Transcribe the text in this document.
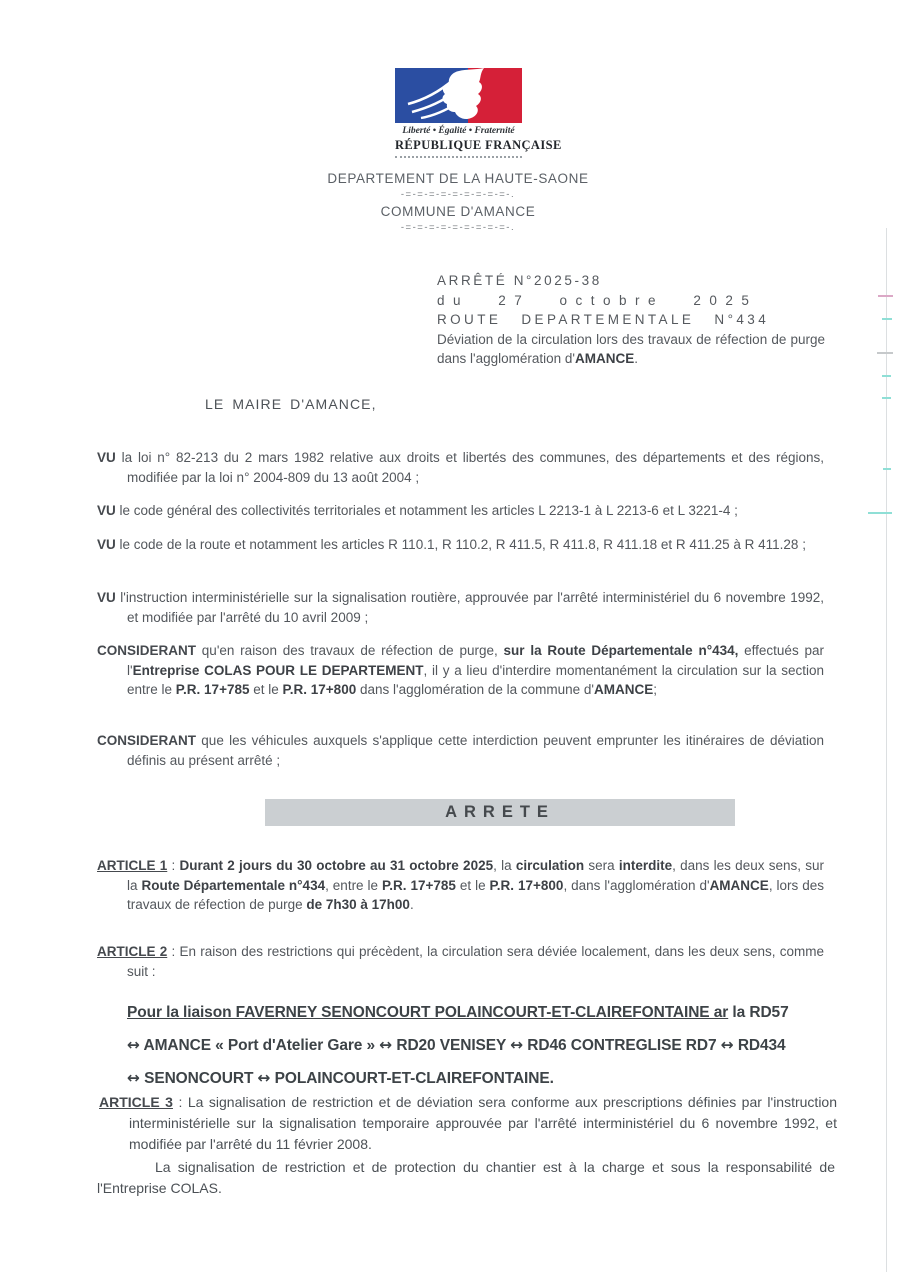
Liberté • Égalité • Fraternité
RÉPUBLIQUE FRANÇAISE
DEPARTEMENT DE LA HAUTE-SAONE
-=-=-=-=-=-=-=-=-=-.
COMMUNE D'AMANCE
-=-=-=-=-=-=-=-=-=-.
ARRÊTÉ N°2025-38
du 27 octobre 2025
ROUTE DEPARTEMENTALE N°434
Déviation de la circulation lors des travaux de réfection de purge dans l'agglomération d'AMANCE.
LE MAIRE D'AMANCE,
VU la loi n° 82-213 du 2 mars 1982 relative aux droits et libertés des communes, des départements et des régions, modifiée par la loi n° 2004-809 du 13 août 2004 ;
VU le code général des collectivités territoriales et notamment les articles L 2213-1 à L 2213-6 et L 3221-4 ;
VU le code de la route et notamment les articles R 110.1, R 110.2, R 411.5, R 411.8, R 411.18 et R 411.25 à R 411.28 ;
VU l'instruction interministérielle sur la signalisation routière, approuvée par l'arrêté interministériel du 6 novembre 1992, et modifiée par l'arrêté du 10 avril 2009 ;
CONSIDERANT qu'en raison des travaux de réfection de purge, sur la Route Départementale n°434, effectués par l'Entreprise COLAS POUR LE DEPARTEMENT, il y a lieu d'interdire momentanément la circulation sur la section entre le P.R. 17+785 et le P.R. 17+800 dans l'agglomération de la commune d'AMANCE;
CONSIDERANT que les véhicules auxquels s'applique cette interdiction peuvent emprunter les itinéraires de déviation définis au présent arrêté ;
ARRETE
ARTICLE 1 : Durant 2 jours du 30 octobre au 31 octobre 2025, la circulation sera interdite, dans les deux sens, sur la Route Départementale n°434, entre le P.R. 17+785 et le P.R. 17+800, dans l'agglomération d'AMANCE, lors des travaux de réfection de purge de 7h30 à 17h00.
ARTICLE 2 : En raison des restrictions qui précèdent, la circulation sera déviée localement, dans les deux sens, comme suit :
Pour la liaison FAVERNEY SENONCOURT POLAINCOURT-ET-CLAIREFONTAINE ar la RD57
↔ AMANCE « Port d'Atelier Gare » ↔ RD20 VENISEY ↔ RD46 CONTREGLISE RD7 ↔ RD434
↔ SENONCOURT ↔ POLAINCOURT-ET-CLAIREFONTAINE.
ARTICLE 3 : La signalisation de restriction et de déviation sera conforme aux prescriptions définies par l'instruction interministérielle sur la signalisation temporaire approuvée par l'arrêté interministériel du 6 novembre 1992, et modifiée par l'arrêté du 11 février 2008.
La signalisation de restriction et de protection du chantier est à la charge et sous la responsabilité de l'Entreprise COLAS.
